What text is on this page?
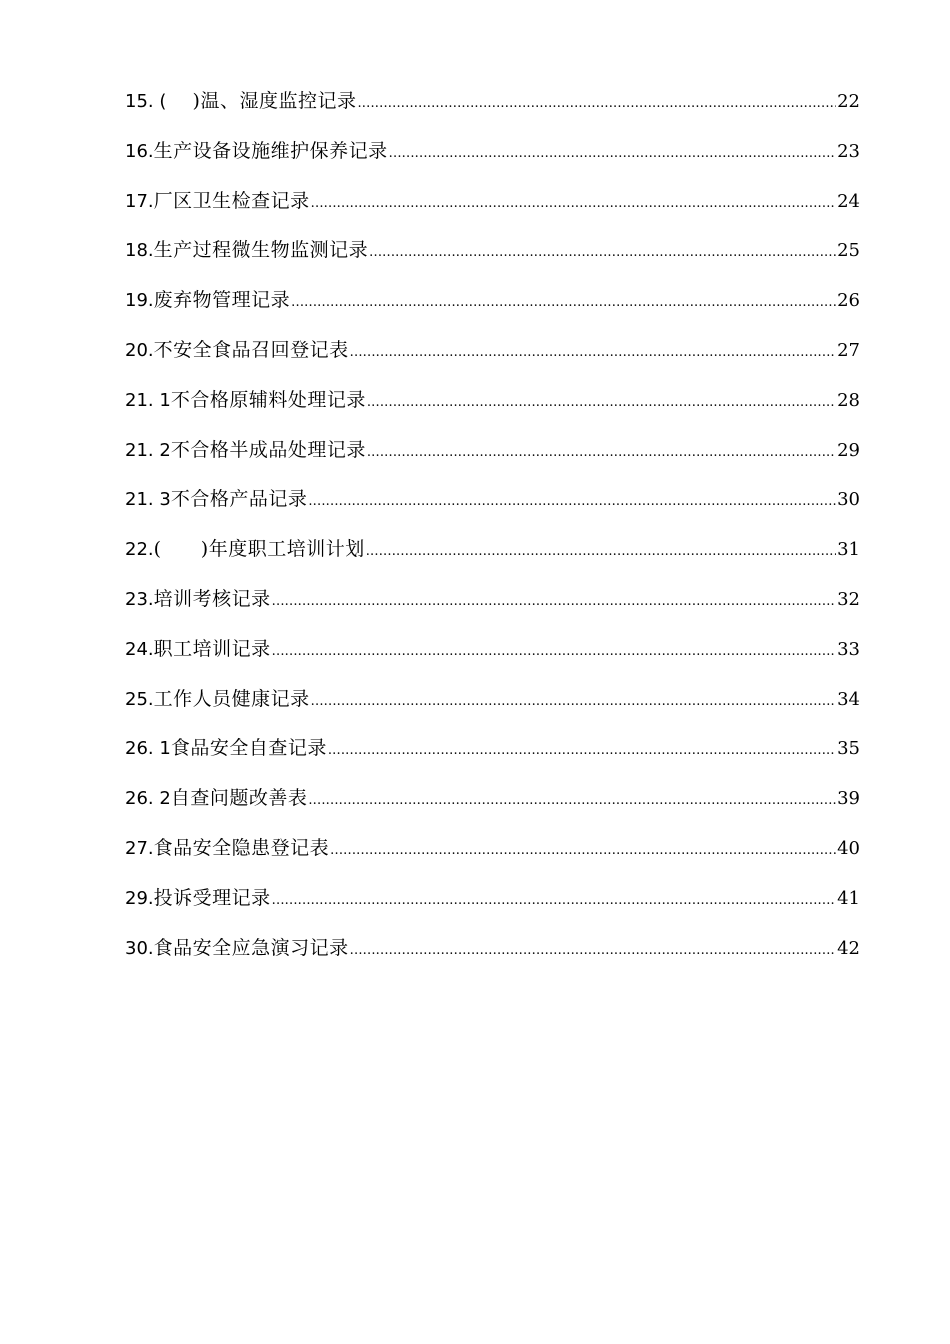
15. ( )温、湿度监控记录 .....	22
16. 生产设备设施维护保养记录 .....	23
17. 厂区卫生检查记录 .....	24
18. 生产过程微生物监测记录 .....	25
19. 废弃物管理记录 .....	26
20. 不安全食品召回登记表 .....	27
21. 1 不合格原辅料处理记录 .....	28
21. 2 不合格半成品处理记录 .....	29
21. 3 不合格产品记录 .....	30
22. (      )年度职工培训计划 .....	31
23. 培训考核记录 .....	32
24. 职工培训记录 .....	33
25. 工作人员健康记录 .....	34
26. 1 食品安全自查记录 .....	35
26. 2 自查问题改善表 .....	39
27. 食品安全隐患登记表 .....	40
29. 投诉受理记录 .....	41
30. 食品安全应急演习记录 .....	42
